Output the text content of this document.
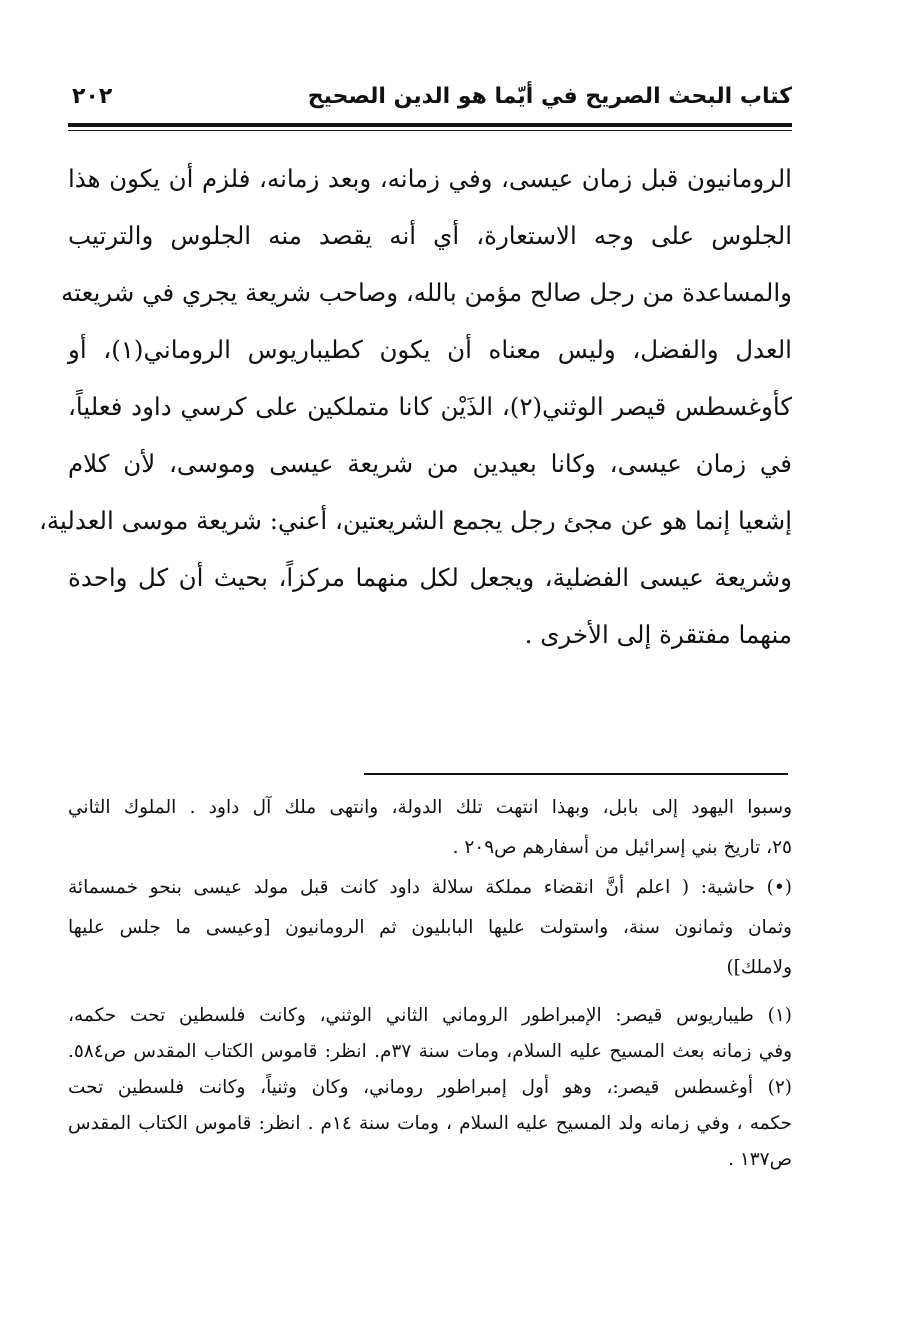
كتاب البحث الصريح في أيّما هو الدين الصحيح
٢٠٢
الرومانيون قبل زمان عيسى، وفي زمانه، وبعد زمانه، فلزم أن يكون هذا
الجلوس على وجه الاستعارة، أي أنه يقصد منه الجلوس والترتيب
والمساعدة من رجل صالح مؤمن بالله، وصاحب شريعة يجري في شريعته
العدل والفضل، وليس معناه أن يكون كطيباريوس الروماني(١)، أو
كأوغسطس قيصر الوثني(٢)، الذَيْن كانا متملكين على كرسي داود فعلياً،
في زمان عيسى، وكانا بعيدين من شريعة عيسى وموسى، لأن كلام
إشعيا إنما هو عن مجئ رجل يجمع الشريعتين، أعني: شريعة موسى العدلية،
وشريعة عيسى الفضلية، ويجعل لكل منهما مركزاً، بحيث أن كل واحدة
منهما مفتقرة إلى الأخرى .
وسبوا اليهود إلى بابل، وبهذا انتهت تلك الدولة، وانتهى ملك آل داود . الملوك الثاني
٢٥، تاريخ بني إسرائيل من أسفارهم ص٢٠٩ .
(•) حاشية: ( اعلم أنَّ انقضاء مملكة سلالة داود كانت قبل مولد عيسى بنحو خمسمائة
وثمان وثمانون سنة، واستولت عليها البابليون ثم الرومانيون [وعيسى ما جلس عليها
ولاملك])
(١) طيباريوس قيصر: الإمبراطور الروماني الثاني الوثني، وكانت فلسطين تحت حكمه،
وفي زمانه بعث المسيح عليه السلام، ومات سنة ٣٧م. انظر: قاموس الكتاب المقدس ص٥٨٤.
(٢) أوغسطس قيصر:، وهو أول إمبراطور روماني، وكان وثنياً، وكانت فلسطين تحت
حكمه ، وفي زمانه ولد المسيح عليه السلام ، ومات سنة ١٤م . انظر: قاموس الكتاب المقدس
ص١٣٧ .
